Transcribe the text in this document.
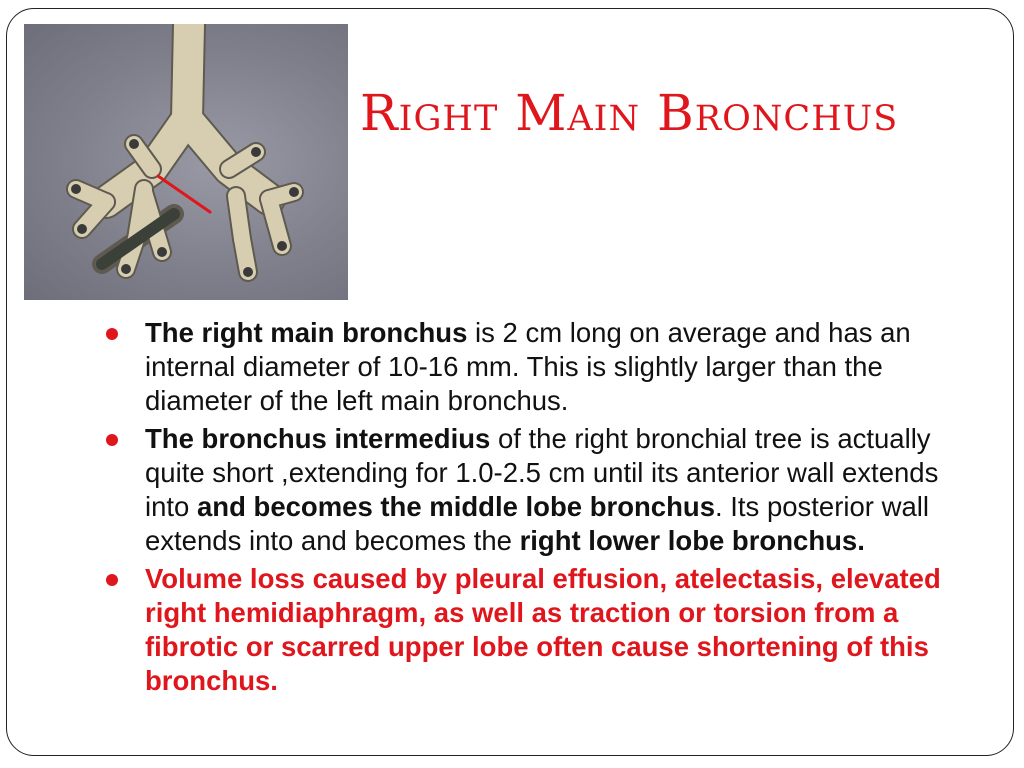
Right Main Bronchus

The right main bronchus is 2 cm long on average and has an internal diameter of 10-16 mm. This is slightly larger than the diameter of the left main bronchus.

The bronchus intermedius of the right bronchial tree is actually quite short ,extending for 1.0-2.5 cm until its anterior wall extends into and becomes the middle lobe bronchus. Its posterior wall extends into and becomes the right lower lobe bronchus.

Volume loss caused by pleural effusion, atelectasis, elevated right hemidiaphragm, as well as traction or torsion from a fibrotic or scarred upper lobe often cause shortening of this bronchus.
